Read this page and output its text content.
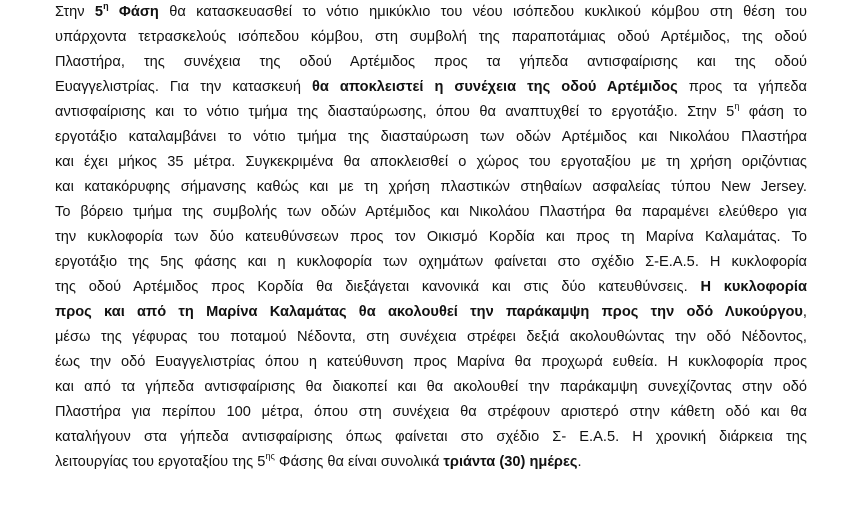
Στην $5^\eta$ Φάση θα κατασκευασθεί το νότιο ημικύκλιο του νέου ισόπεδου κυκλικού κόμβου στη θέση του
υπάρχοντα τετρασκελούς ισόπεδου κόμβου, στη συμβολή της παραποτάμιας οδού Αρτέμιδος, της οδού
Πλαστήρα, της συνέχεια της οδού Αρτέμιδος προς τα γήπεδα αντισφαίρισης και της οδού
Ευαγγελιστρίας. Για την κατασκευή θα αποκλειστεί η συνέχεια της οδού Αρτέμιδος προς τα γήπεδα
αντισφαίρισης και το νότιο τμήμα της διασταύρωσης, όπου θα αναπτυχθεί το εργοτάξιο. Στην $5^\eta$ φάση το
εργοτάξιο καταλαμβάνει το νότιο τμήμα της διασταύρωση των οδών Αρτέμιδος και Νικολάου Πλαστήρα
και έχει μήκος 35 μέτρα. Συγκεκριμένα θα αποκλεισθεί ο χώρος του εργοταξίου με τη χρήση οριζόντιας
και κατακόρυφης σήμανσης καθώς και με τη χρήση πλαστικών στηθαίων ασφαλείας τύπου New Jersey.
Το βόρειο τμήμα της συμβολής των οδών Αρτέμιδος και Νικολάου Πλαστήρα θα παραμένει ελεύθερο για
την κυκλοφορία των δύο κατευθύνσεων προς τον Οικισμό Κορδία και προς τη Μαρίνα Καλαμάτας. Το
εργοτάξιο της 5ης φάσης και η κυκλοφορία των οχημάτων φαίνεται στο σχέδιο Σ-Ε.Α.5. Η κυκλοφορία
της οδού Αρτέμιδος προς Κορδία θα διεξάγεται κανονικά και στις δύο κατευθύνσεις. Η κυκλοφορία
προς και από τη Μαρίνα Καλαμάτας θα ακολουθεί την παράκαμψη προς την οδό Λυκούργου,
μέσω της γέφυρας του ποταμού Νέδοντα, στη συνέχεια στρέφει δεξιά ακολουθώντας την οδό Νέδοντος,
έως την οδό Ευαγγελιστρίας όπου η κατεύθυνση προς Μαρίνα θα προχωρά ευθεία. Η κυκλοφορία προς
και από τα γήπεδα αντισφαίρισης θα διακοπεί και θα ακολουθεί την παράκαμψη συνεχίζοντας στην οδό
Πλαστήρα για περίπου 100 μέτρα, όπου στη συνέχεια θα στρέφουν αριστερό στην κάθετη οδό και θα
καταλήγουν στα γήπεδα αντισφαίρισης όπως φαίνεται στο σχέδιο Σ- Ε.Α.5. Η χρονική διάρκεια της
λειτουργίας του εργοταξίου της $5^{\eta\varsigma}$ Φάσης θα είναι συνολικά τριάντα (30) ημέρες.
